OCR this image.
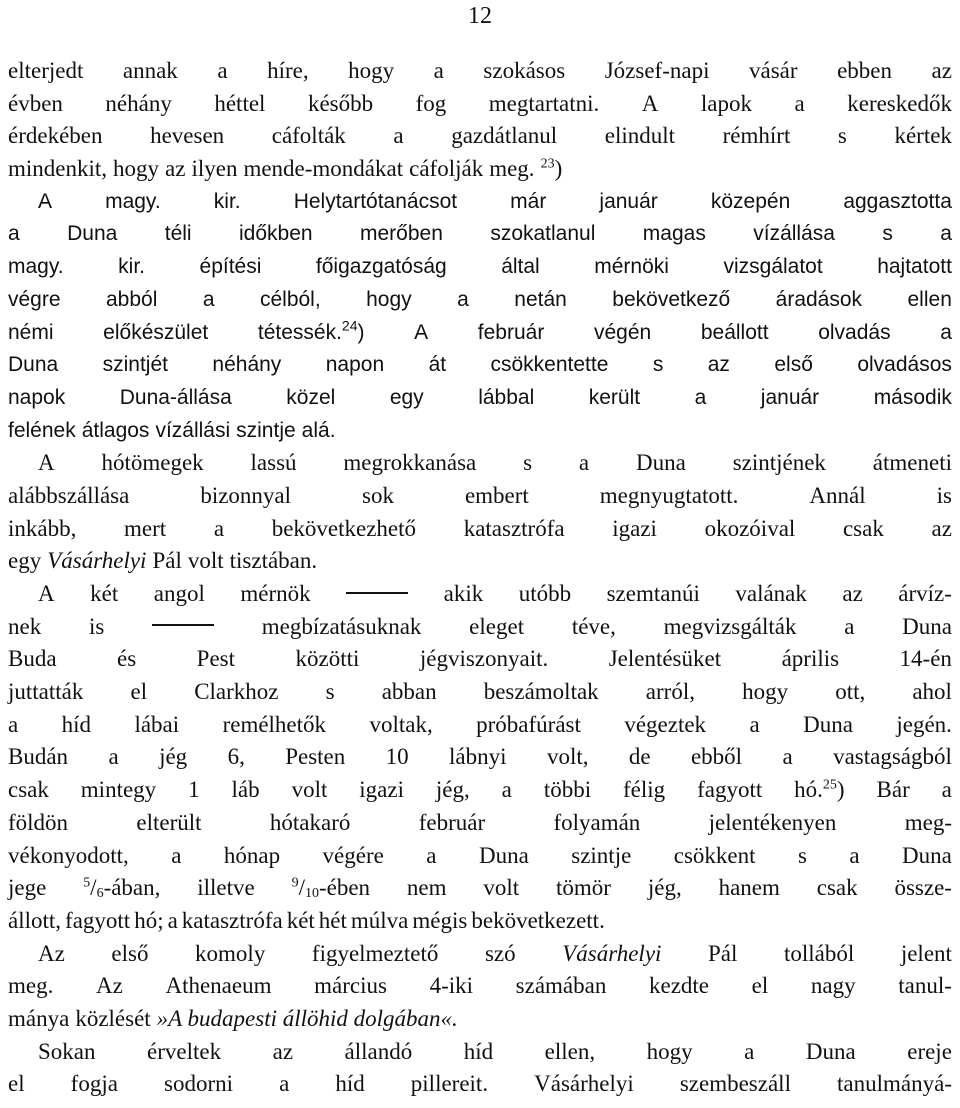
12
elterjedt annak a híre, hogy a szokásos József-napi vásár ebben az
évben néhány héttel később fog megtartatni. A lapok a kereskedők
érdekében hevesen cáfolták a gazdátlanul elindult rémhírt s kértek
mindenkit, hogy az ilyen mende-mondákat cáfolják meg. $^{23}$)
A	magy.	kir.	Helytartótanácsot	már	január	közepén	aggasztotta
a Duna téli időkben merőben szokatlanul magas vízállása s a
magy.	kir.	építési	főigazgatóság	által	mérnöki	vizsgálatot	hajtatott
végre abból a célból, hogy a netán bekövetkező áradások ellen
némi előkészület tétessék.$^{24}$) A február végén beállott olvadás a
Duna szintjét néhány napon át csökkentette s az első olvadásos
napok	Duna-állása	közel	egy	lábbal	került	a	január	második
felének átlagos vízállási szintje alá.
A hótömegek lassú megrokkanása s a Duna szintjének átmeneti
alábbszállása	bizonnyal	sok	embert	megnyugtatott.	Annál	is
inkább, mert a bekövetkezhető katasztrófa igazi okozóival csak az
egy Vásárhelyi Pál volt tisztában.
A két angol mérnök	akik utóbb szemtanúi valának az árvíz-
nek is	megbízatásuknak eleget téve, megvizsgálták a Duna
Buda	és	Pest	közötti	jégviszonyait.	Jelentésüket	április	14-én
juttatták el Clarkhoz s abban beszámoltak arról, hogy ott, ahol
a híd lábai remélhetők voltak, próbafúrást végeztek a Duna jegén.
Budán a jég 6, Pesten 10 lábnyi volt, de ebből a vastagságból
csak mintegy 1 láb volt igazi jég, a többi félig fagyott hó.$^{25}$) Bár a
földön	elterült	hótakaró	február	folyamán	jelentékenyen	meg-
vékonyodott, a hónap végére a Duna szintje csökkent s a Duna
jege	$^5/_6$-ában, illetve	$^9/_{10}$-ében nem volt tömör jég, hanem csak össze-
állott, fagyott hó; a katasztrófa két hét múlva mégis bekövetkezett.
Az első komoly figyelmeztető szó Vásárhelyi Pál tollából jelent
meg. Az Athenaeum március 4-iki számában kezdte el nagy tanul-
mánya közlését »A budapesti állöhid dolgában«.
Sokan érveltek az állandó híd ellen, hogy a Duna ereje
el fogja sodorni a híd pillereit. Vásárhelyi szembeszáll tanulmányá-
